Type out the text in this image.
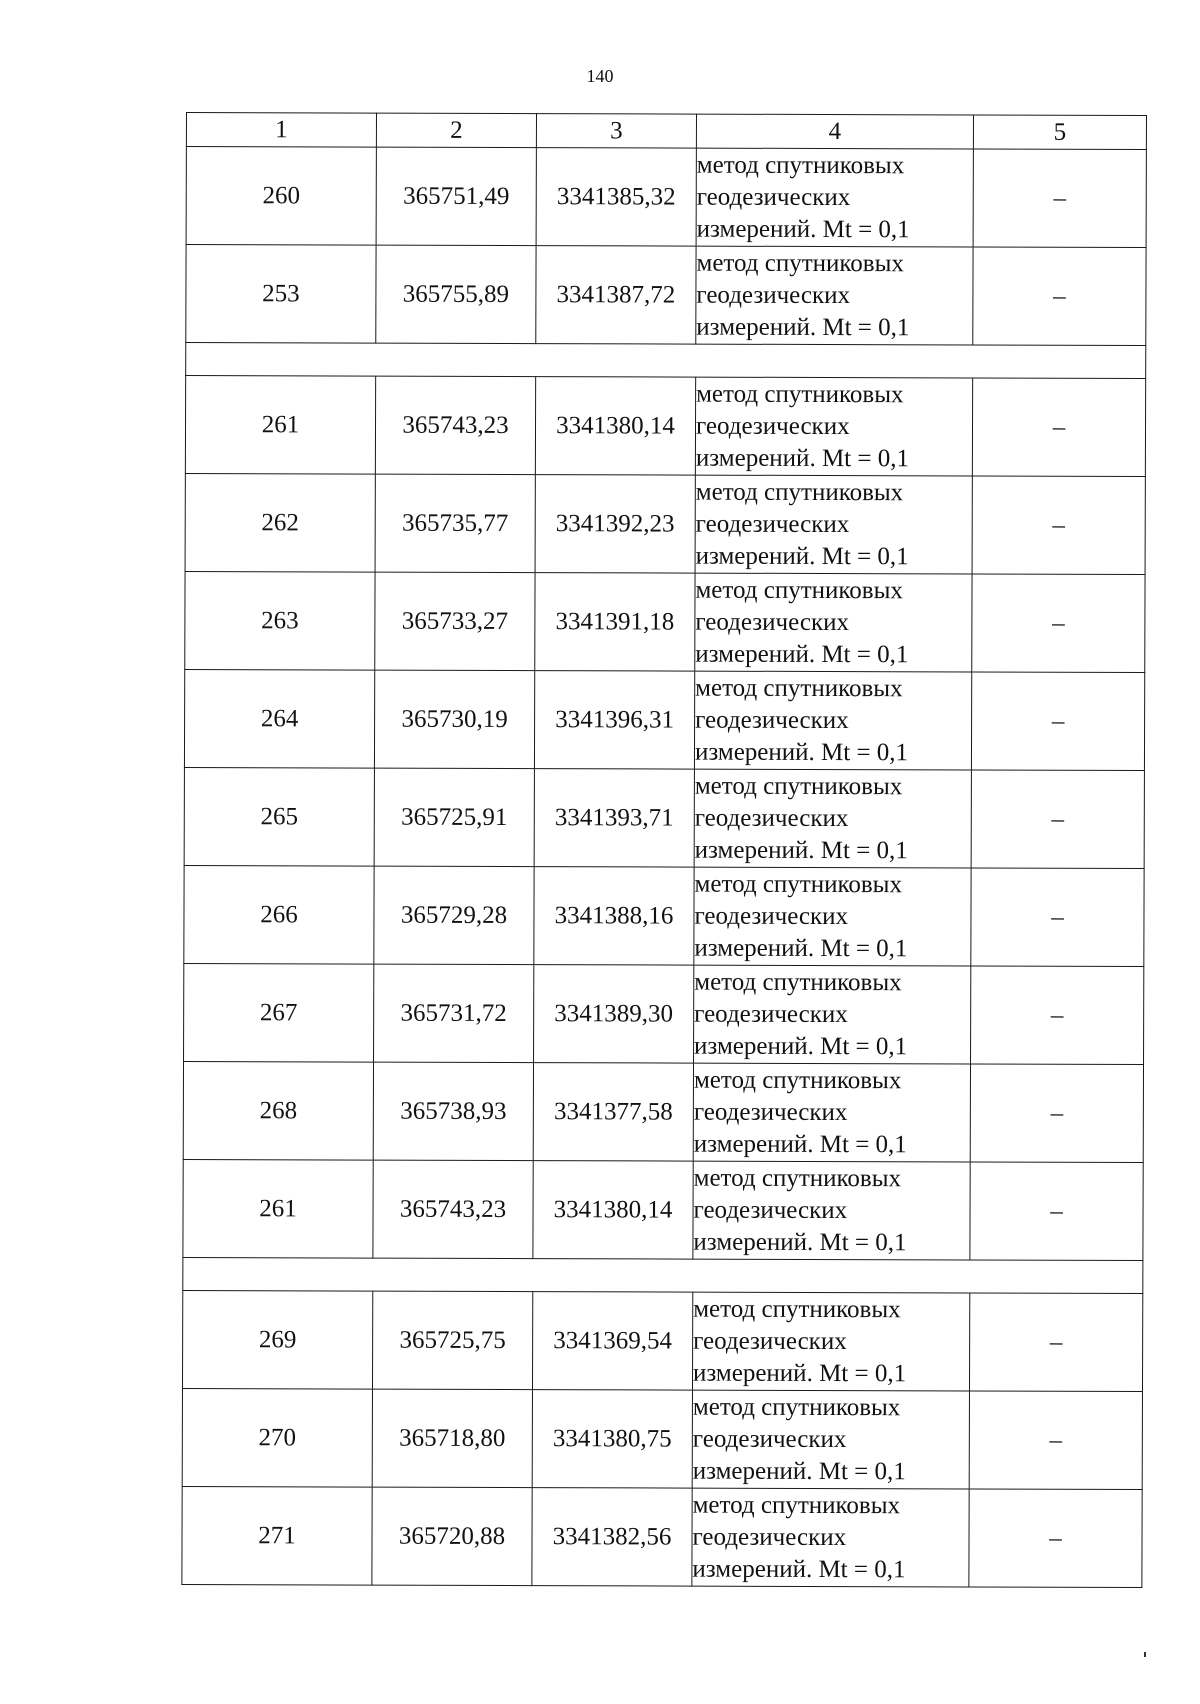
140
1	2	3	4	5
260	365751,49	3341385,32	метод спутниковых
геодезических
измерений. Mt = 0,1	–
253	365755,89	3341387,72	метод спутниковых
геодезических
измерений. Mt = 0,1	–

261	365743,23	3341380,14	метод спутниковых
геодезических
измерений. Mt = 0,1	–
262	365735,77	3341392,23	метод спутниковых
геодезических
измерений. Mt = 0,1	–
263	365733,27	3341391,18	метод спутниковых
геодезических
измерений. Mt = 0,1	–
264	365730,19	3341396,31	метод спутниковых
геодезических
измерений. Mt = 0,1	–
265	365725,91	3341393,71	метод спутниковых
геодезических
измерений. Mt = 0,1	–
266	365729,28	3341388,16	метод спутниковых
геодезических
измерений. Mt = 0,1	–
267	365731,72	3341389,30	метод спутниковых
геодезических
измерений. Mt = 0,1	–
268	365738,93	3341377,58	метод спутниковых
геодезических
измерений. Mt = 0,1	–
261	365743,23	3341380,14	метод спутниковых
геодезических
измерений. Mt = 0,1	–

269	365725,75	3341369,54	метод спутниковых
геодезических
измерений. Mt = 0,1	–
270	365718,80	3341380,75	метод спутниковых
геодезических
измерений. Mt = 0,1	–
271	365720,88	3341382,56	метод спутниковых
геодезических
измерений. Mt = 0,1	–
